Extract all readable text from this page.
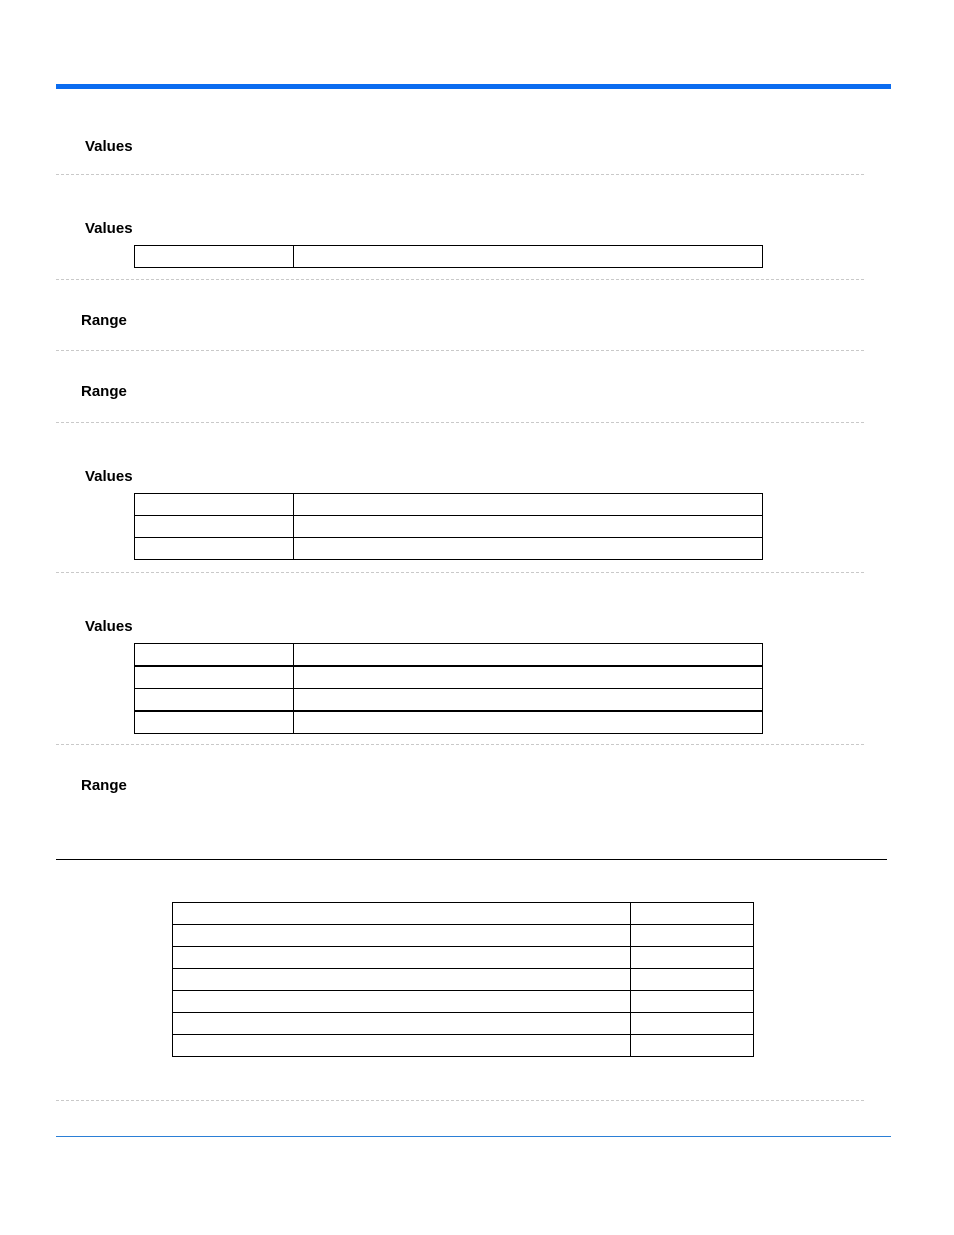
Values
Values

Range
Range
Values

Values

Range
